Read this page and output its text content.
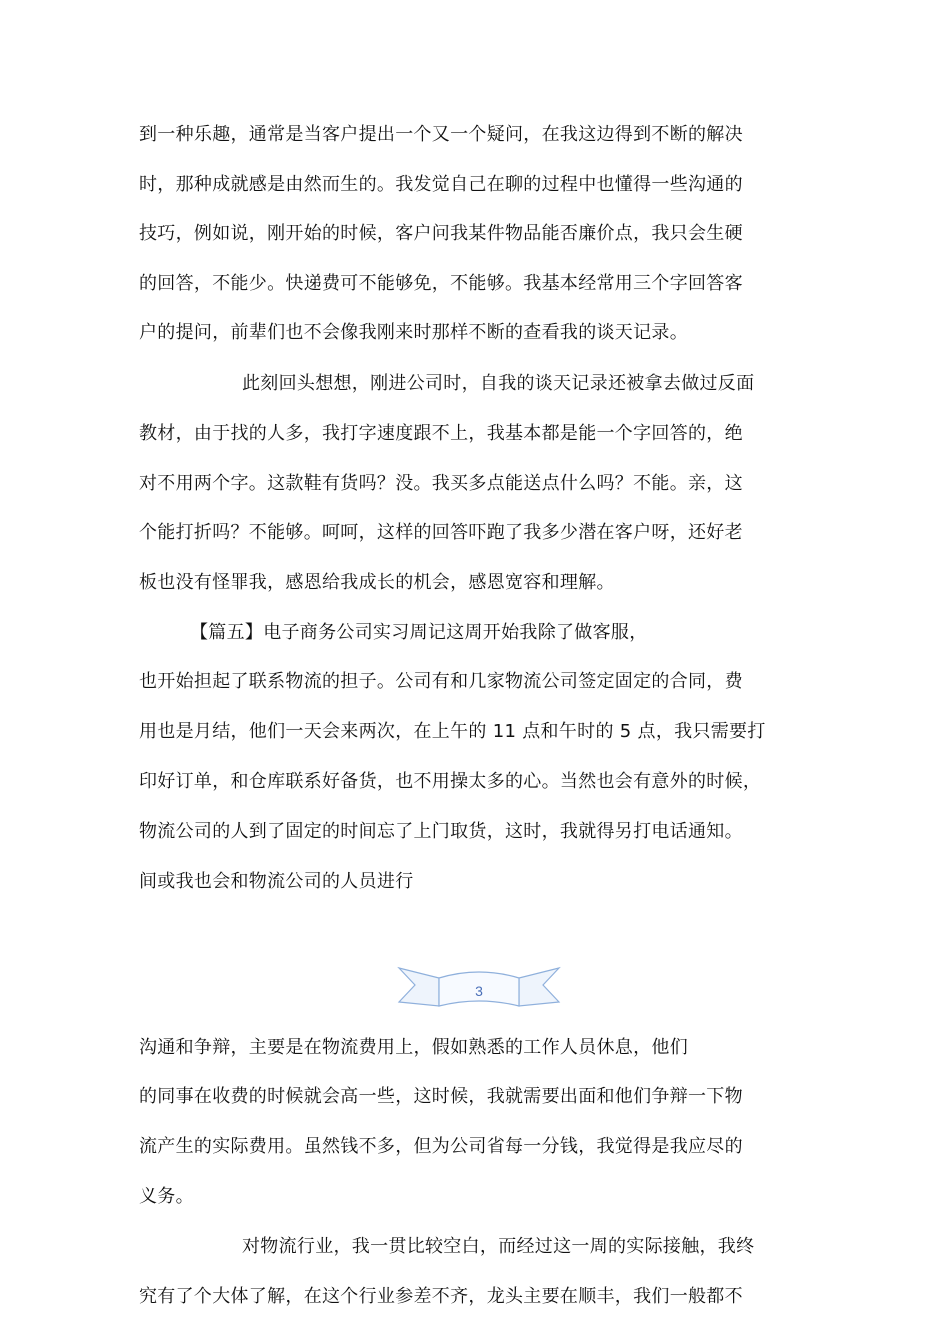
到一种乐趣，通常是当客户提出一个又一个疑问，在我这边得到不断的解决
时，那种成就感是由然而生的。我发觉自己在聊的过程中也懂得一些沟通的
技巧，例如说，刚开始的时候，客户问我某件物品能否廉价点，我只会生硬
的回答，不能少。快递费可不能够免，不能够。我基本经常用三个字回答客
户的提问，前辈们也不会像我刚来时那样不断的查看我的谈天记录。
此刻回头想想，刚进公司时，自我的谈天记录还被拿去做过反面
教材，由于找的人多，我打字速度跟不上，我基本都是能一个字回答的，绝
对不用两个字。这款鞋有货吗？没。我买多点能送点什么吗？不能。亲，这
个能打折吗？不能够。呵呵，这样的回答吓跑了我多少潜在客户呀，还好老
板也没有怪罪我，感恩给我成长的机会，感恩宽容和理解。
【篇五】电子商务公司实习周记这周开始我除了做客服，
也开始担起了联系物流的担子。公司有和几家物流公司签定固定的合同，费
用也是月结，他们一天会来两次，在上午的 11 点和午时的 5 点，我只需要打
印好订单，和仓库联系好备货，也不用操太多的心。当然也会有意外的时候，
物流公司的人到了固定的时间忘了上门取货，这时，我就得另打电话通知。
间或我也会和物流公司的人员进行
3
沟通和争辩，主要是在物流费用上，假如熟悉的工作人员休息，他们
的同事在收费的时候就会高一些，这时候，我就需要出面和他们争辩一下物
流产生的实际费用。虽然钱不多，但为公司省每一分钱，我觉得是我应尽的
义务。
对物流行业，我一贯比较空白，而经过这一周的实际接触，我终
究有了个大体了解，在这个行业参差不齐，龙头主要在顺丰，我们一般都不
